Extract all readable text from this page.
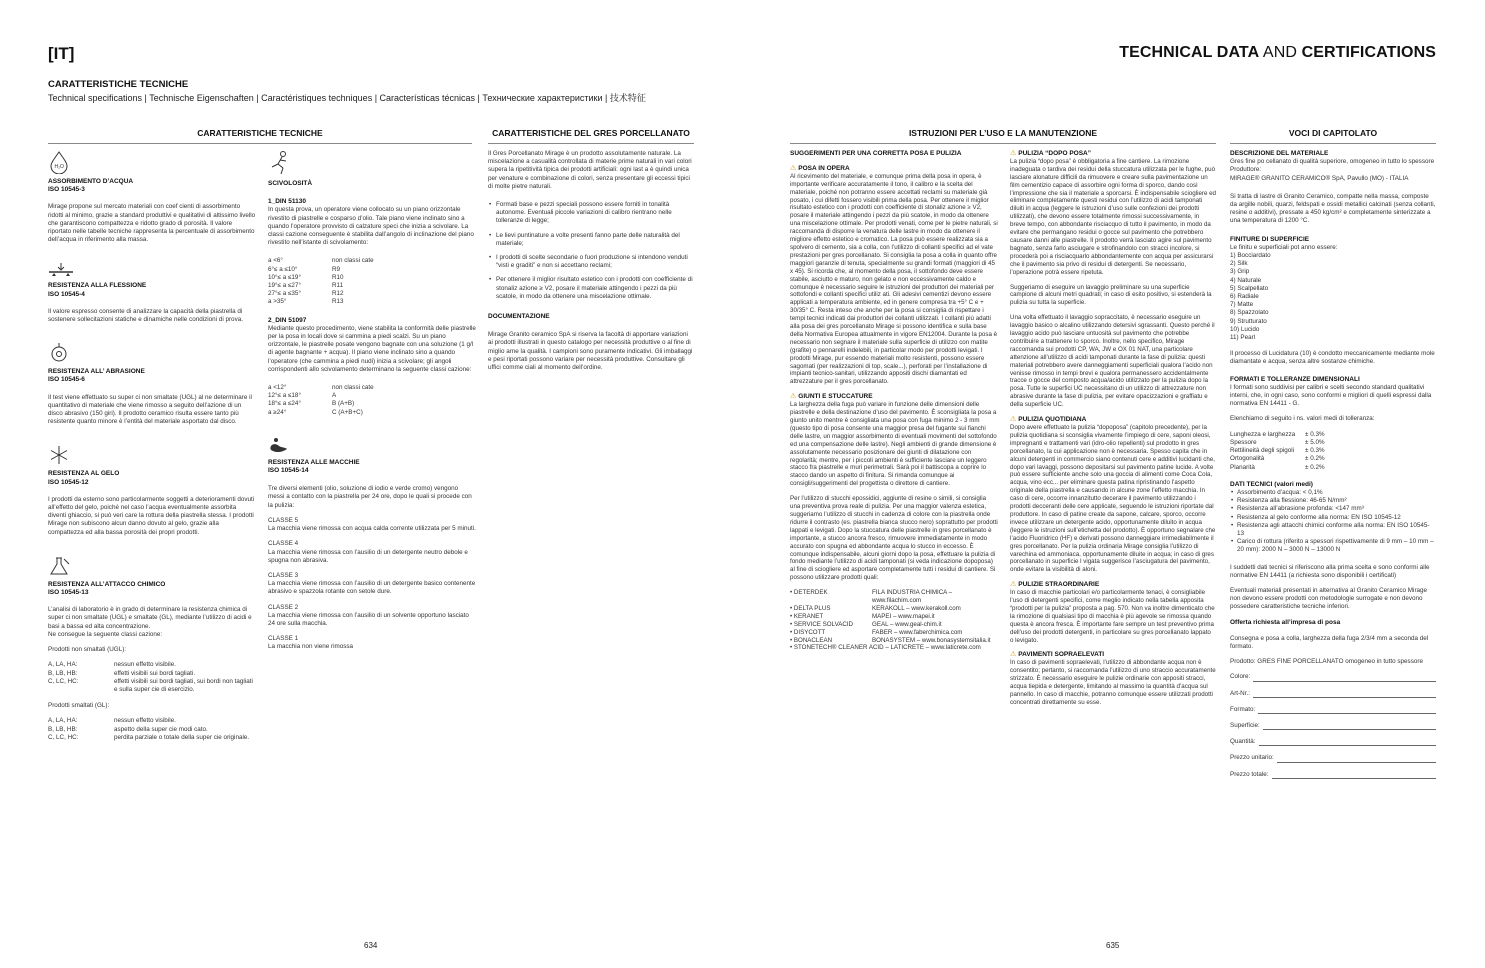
[IT]	TECHNICAL DATA AND CERTIFICATIONS
CARATTERISTICHE TECNICHE
Technical specifications | Technische Eigenschaften | Caractéristiques techniques | Características técnicas | Технические характеристики | 技术特征
CARATTERISTICHE TECNICHE	CARATTERISTICHE DEL GRES PORCELLANATO	ISTRUZIONI PER L’USO E LA MANUTENZIONE	VOCI DI CAPITOLATO
H₂O
ASSORBIMENTO D’ACQUA
ISO 10545-3

Mirage propone sul mercato materiali con coef cienti di assorbimento ridotti al minimo, grazie a standard produttivi e qualitativi di altissimo livello che garantiscono compattezza e ridotto grado di porosità. Il valore riportato nelle tabelle tecniche rappresenta la percentuale di assorbimento dell’acqua in riferimento alla massa.

RESISTENZA ALLA FLESSIONE
ISO 10545-4

Il valore espresso consente di analizzare la capacità della piastrella di sostenere sollecitazioni statiche e dinamiche nelle condizioni di prova.

RESISTENZA ALL’ ABRASIONE
ISO 10545-6

Il test viene effettuato su super ci non smaltate (UGL) al ne determinare il quantitativo di materiale che viene rimosso a seguito dell’azione di un disco abrasivo (150 giri). Il prodotto ceramico risulta essere tanto più resistente quanto minore è l’entità del materiale asportato dal disco.

RESISTENZA AL GELO
ISO 10545-12

I prodotti da esterno sono particolarmente soggetti a deterioramenti dovuti all’effetto del gelo, poiché nel caso l’acqua eventualmente assorbita diventi ghiaccio, si può veri care la rottura della piastrella stessa. I prodotti Mirage non subiscono alcun danno dovuto al gelo, grazie alla compattezza ed alla bassa porosità dei propri prodotti.

RESISTENZA ALL’ATTACCO CHIMICO
ISO 10545-13

L’analisi di laboratorio è in grado di determinare la resistenza chimica di super ci non smaltate (UGL) e smaltate (GL), mediante l’utilizzo di acidi e basi a bassa ed alta concentrazione.

Ne consegue la seguente classi cazione:

Prodotti non smaltati (UGL):

A, LA, HA:	nessun effetto visibile.
B, LB, HB:	effetti visibili sui bordi tagliati.
C, LC, HC:	effetti visibili sui bordi tagliati, sui bordi non tagliati e sulla super cie di esercizio.

Prodotti smaltati (GL):

A, LA, HA:	nessun effetto visibile.
B, LB, HB:	aspetto della super cie modi cato.
C, LC, HC:	perdita parziale o totale della super cie originale.
SCIVOLOSITÀ
1_DIN 51130

In questa prova, un operatore viene collocato su un piano orizzontale rivestito di piastrelle e cosparso d’olio. Tale piano viene inclinato sino a quando l’operatore provvisto di calzature speci che inizia a scivolare. La classi cazione conseguente è stabilita dall’angolo di inclinazione del piano rivestito nell’istante di scivolamento:

a <6°	non classi cate
6°≤ a ≤10°	R9
10°≤ a ≤19°	R10
19°≤ a ≤27°	R11
27°≤ a ≤35°	R12
a >35°	R13
2_DIN 51097

Mediante questo procedimento, viene stabilita la conformità delle piastrelle per la posa in locali dove si cammina a piedi scalzi. Su un piano orizzontale, le piastrelle posate vengono bagnate con una soluzione (1 g/l di agente bagnante + acqua). Il piano viene inclinato sino a quando l’operatore (che cammina a piedi nudi) inizia a scivolare; gli angoli corrispondenti allo scivolamento determinano la seguente classi cazione:

a <12°	non classi cate
12°≤ a ≤18°	A
18°≤ a ≤24°	B (A+B)
a ≥24°	C (A+B+C)
RESISTENZA ALLE MACCHIE
ISO 10545-14

Tre diversi elementi (olio, soluzione di iodio e verde cromo) vengono messi a contatto con la piastrella per 24 ore, dopo le quali si procede con la pulizia:

CLASSE 5
La macchia viene rimossa con acqua calda corrente utilizzata per 5 minuti.

CLASSE 4
La macchia viene rimossa con l’ausilio di un detergente neutro debole e spugna non abrasiva.

CLASSE 3
La macchia viene rimossa con l’ausilio di un detergente basico contenente abrasivo e spazzola rotante con setole dure.

CLASSE 2
La macchia viene rimossa con l’ausilio di un solvente opportuno lasciato 24 ore sulla macchia.

CLASSE 1
La macchia non viene rimossa

Il Gres Porcellanato Mirage è un prodotto assolutamente naturale. La miscelazione a casualità controllata di materie prime naturali in vari colori supera la ripetitività tipica dei prodotti artificiali: ogni last a è quindi unica per venature e combinazione di colori, senza presentare gli eccessi tipici di molte pietre naturali.

• Formati base e pezzi speciali possono essere forniti in tonalità autonome. Eventuali piccole variazioni di calibro rientrano nelle tolleranze di legge;
• Le lievi puntinature a volte presenti fanno parte delle naturalità del materiale;
• I prodotti di scelte secondarie o fuori produzione si intendono venduti “visti e graditi” e non si accettano reclami;
• Per ottenere il miglior risultato estetico con i prodotti con coefficiente di stonaliz azione ≥ V2, posare il materiale attingendo i pezzi da più scatole, in modo da ottenere una miscelazione ottimale.
DOCUMENTAZIONE

Mirage Granito ceramico SpA si riserva la facoltà di apportare variazioni ai prodotti illustrati in questo catalogo per necessità produttive o al fine di miglio arne la qualità. I campioni sono puramente indicativi. Gli imballaggi e pesi riportati possono variare per necessità produttive. Consultare gli uffici comme ciali al momento dell’ordine.

SUGGERIMENTI PER UNA CORRETTA POSA E PULIZIA
⚠ POSA IN OPERA

Al ricevimento del materiale, e comunque prima della posa in opera, è importante verificare accuratamente il tono, il calibro e la scelta del materiale, poiché non potranno essere accettati reclami su materiale già posato, i cui difetti fossero visibili prima della posa. Per ottenere il miglior risultato estetico con i prodotti con coefficiente di stonaliz azione ≥ V2, posare il materiale attingendo i pezzi da più scatole, in modo da ottenere una miscelazione ottimale. Per prodotti venati, come per le pietre naturali, si raccomanda di disporre la venatura delle lastre in modo da ottenere il migliore effetto estetico e cromatico. La posa può essere realizzata sia a spolvero di cemento, sia a colla, con l’utilizzo di collanti specifici ad el vate prestazioni per gres porcellanato. Si consiglia la posa a colla in quanto offre maggiori garanzie di tenuta, specialmente su grandi formati (maggiori di 45 x 45). Si ricorda che, al momento della posa, il sottofondo deve essere stabile, asciutto e maturo, non gelato e non eccessivamente caldo e comunque è necessario seguire le istruzioni dei produttori dei materiali per sottofondi e collanti specifici utiliz ati. Gli adesivi cementizi devono essere applicati a temperatura ambiente, ed in genere compresa tra +5° C e + 30/35° C. Resta inteso che anche per la posa si consiglia di rispettare i tempi tecnici indicati dai produttori dei collanti utilizzati. I collanti più adatti alla posa dei gres porcellanato Mirage si possono identifica e sulla base della Normativa Europea attualmente in vigore EN12004. Durante la posa è necessario non segnare il materiale sulla superficie di utilizzo con matite (grafite) o pennarelli indelebili, in particolar modo per prodotti levigati. I prodotti Mirage, pur essendo materiali molto resistenti, possono essere sagomati (per realizzazioni di top, scale...), perforati per l’installazione di impianti tecnico-sanitari, utilizzando appositi dischi diamantati ed attrezzature per il gres porcellanato.

⚠ GIUNTI E STUCCATURE

La larghezza della fuga può variare in funzione delle dimensioni delle piastrelle e della destinazione d’uso del pavimento. È sconsigliata la posa a giunto unito mentre è consigliata una posa con fuga minimo 2 - 3 mm (questo tipo di posa consente una maggior presa del fugante sui fianchi delle lastre, un maggior assorbimento di eventuali movimenti del sottofondo ed una compensazione delle lastre). Negli ambienti di grande dimensione è assolutamente necessario posizionare dei giunti di dilatazione con regolarità; mentre, per i piccoli ambienti è sufficiente lasciare un leggero stacco fra piastrelle e muri perimetrali. Sarà poi il battiscopa a coprire lo stacco dando un aspetto di finitura. Si rimanda comunque ai consigli/suggerimenti del progettista o direttore di cantiere.

Per l’utilizzo di stucchi epossidici, aggiunte di resine o simili, si consiglia una preventiva prova reale di pulizia. Per una maggior valenza estetica, suggeriamo l’utilizzo di stucchi in cadenza di colore con la piastrella onde ridurre il contrasto (es. piastrella bianca stucco nero) soprattutto per prodotti lappati e levigati. Dopo la stuccatura delle piastrelle in gres porcellanato è importante, a stucco ancora fresco, rimuovere immediatamente in modo accurato con spugna ed abbondante acqua lo stucco in eccesso. È comunque indispensabile, alcuni giorni dopo la posa, effettuare la pulizia di fondo mediante l’utilizzo di acidi tamponati (si veda indicazione dopoposa) al fine di sciogliere ed asportare completamente tutti i residui di cantiere. Si possono utilizzare prodotti quali:

• DETERDEK	FILA INDUSTRIA CHIMICA – www.filachim.com
• DELTA PLUS	KERAKOLL – www.kerakoll.com
• KERANET	MAPEI – www.mapei.it
• SERVICE SOLVACID	GEAL – www.geal-chim.it
• DISYCOTT	FABER – www.faberchimica.com
• BONACLEAN	BONASYSTEM – www.bonasystemsitalia.it
• STONETECH® CLEANER ACID – LATICRETE – www.laticrete.com
⚠ PULIZIA “DOPO POSA”

La pulizia “dopo posa” è obbligatoria a fine cantiere. La rimozione inadeguata o tardiva dei residui della stuccatura utilizzata per le fughe, può lasciare alonature difficili da rimuovere e creare sulla pavimentazione un film cementizio capace di assorbire ogni forma di sporco, dando così l’impressione che sia il materiale a sporcarsi. È indispensabile sciogliere ed eliminare completamente questi residui con l’utilizzo di acidi tamponati diluiti in acqua (leggere le istruzioni d’uso sulle confezioni dei prodotti utilizzati), che devono essere totalmente rimossi successivamente, in breve tempo, con abbondante risciacquo di tutto il pavimento, in modo da evitare che permangano residui o gocce sul pavimento che potrebbero causare danni alle piastrelle. Il prodotto verrà lasciato agire sul pavimento bagnato, senza farlo asciugare e strofinandolo con stracci incolore, si procederà poi a risciacquarlo abbondantemente con acqua per assicurarsi che il pavimento sia privo di residui di detergenti. Se necessario, l’operazione potrà essere ripetuta.

Suggeriamo di eseguire un lavaggio preliminare su una superficie campione di alcuni metri quadrati; in caso di esito positivo, si estenderà la pulizia su tutta la superficie.

Una volta effettuato il lavaggio sopraccitato, è necessario eseguire un lavaggio basico o alcalino utilizzando detersivi sgrassanti. Questo perché il lavaggio acido può lasciare untuosità sul pavimento che potrebbe contribuire a trattenere lo sporco. Inoltre, nello specifico, Mirage raccomanda sui prodotti CP, WA, JW e OX 01 NAT, una particolare attenzione all’utilizzo di acidi tamponati durante la fase di pulizia: questi materiali potrebbero avere danneggiamenti superficiali qualora l’acido non venisse rimosso in tempi brevi e qualora permanessero accidentalmente tracce o gocce del composto acqua/acido utilizzato per la pulizia dopo la posa. Tutte le superfici UC necessitano di un utilizzo di attrezzature non abrasive durante la fase di pulizia, per evitare opacizzazioni e graffiatu e della superficie UC.

⚠ PULIZIA QUOTIDIANA

Dopo avere effettuato la pulizia “dopoposa” (capitolo precedente), per la pulizia quotidiana si sconsiglia vivamente l’impiego di cere, saponi oleosi, impregnanti e trattamenti vari (idro-olio repellenti) sul prodotto in gres porcellanato, la cui applicazione non è necessaria. Spesso capita che in alcuni detergenti in commercio siano contenuti cere e additivi lucidanti che, dopo vari lavaggi, possono depositarsi sul pavimento patine lucide. A volte può essere sufficiente anche solo una goccia di alimenti come Coca Cola, acqua, vino ecc... per eliminare questa patina ripristinando l’aspetto originale della piastrella e causando in alcune zone l’effetto macchia. In caso di cere, occorre innanzitutto decerare il pavimento utilizzando i prodotti decceranti delle cere applicate, seguendo le istruzioni riportate dal produttore. In caso di patine create da sapone, calcare, sporco, occorre invece utilizzare un detergente acido, opportunamente diluito in acqua (leggere le istruzioni sull’etichetta del prodotto). È opportuno segnalare che l’acido Fluoridrico (HF) e derivati possono danneggiare irrimediabilmente il gres porcellanato. Per la pulizia ordinaria Mirage consiglia l’utilizzo di varechina ed ammoniaca, opportunamente diluite in acqua; in caso di gres porcellanato in superficie l vigata suggerisce l’asciugatura del pavimento, onde evitare la visibilità di aloni.

⚠ PULIZIE STRAORDINARIE

In caso di macchie particolari e/o particolarmente tenaci, è consigliabile l’uso di detergenti specifici, come meglio indicato nella tabella apposita “prodotti per la pulizia” proposta a pag. 570. Non va inoltre dimenticato che la rimozione di qualsiasi tipo di macchia è più agevole se rimossa quando questa è ancora fresca. È importante fare sempre un test preventivo prima dell’uso dei prodotti detergenti, in particolare su gres porcellanato lappato o levigato.

⚠ PAVIMENTI SOPRAELEVATI

In caso di pavimenti sopraelevati, l’utilizzo di abbondante acqua non è consentito; pertanto, si raccomanda l’utilizzo di uno straccio accuratamente strizzato. È necessario eseguire le pulizie ordinarie con appositi stracci, acqua tiepida e detergente, limitando al massimo la quantità d’acqua sul pannello. In caso di macchie, potranno comunque essere utilizzati prodotti concentrati direttamente su esse.

DESCRIZIONE DEL MATERIALE

Gres fine po cellanato di qualità superiore, omogeneo in tutto lo spessore

Produttore:

MIRAGE® GRANITO CERAMICO® SpA, Pavullo (MO) - ITALIA

Si tratta di lastre di Granito Ceramico, compatte nella massa, composte da argille nobili, quarzi, feldspati e ossidi metallici calcinati (senza collanti, resine o additivi), pressate a 450 kg/cm² e completamente sinterizzate a una temperatura di 1200 °C.

FINITURE DI SUPERFICIE
Le finitu e superficiali pot anno essere:
1) Bocciardato
2) Silk
3) Grip
4) Naturale
5) Scalpellato
6) Radiale
7) Matte
8) Spazzolato
9) Strutturato
10) Lucido
11) Pearl

Il processo di Lucidatura (10) è condotto meccanicamente mediante mole diamantate e acqua, senza altre sostanze chimiche.

FORMATI E TOLLERANZE DIMENSIONALI

I formati sono suddivisi per calibri e scelti secondo standard qualitativi interni, che, in ogni caso, sono conformi e migliori di quelli espressi dalla normativa EN 14411 - G.

Elenchiamo di seguito i ns. valori medi di tolleranza:

Lunghezza e larghezza	± 0.3%
Spessore	± 5.0%
Rettilineità degli spigoli	± 0.3%
Ortogonalità	± 0.2%
Planarità	± 0.2%
DATI TECNICI (valori medi)
• Assorbimento d’acqua: < 0,1%
• Resistenza alla flessione: 46-65 N/mm²
• Resistenza all’abrasione profonda: <147 mm³
• Resistenza al gelo conforme alla norma: EN ISO 10545-12
• Resistenza agli attacchi chimici conforme alla norma: EN ISO 10545-13
• Carico di rottura (riferito a spessori rispettivamente di 9 mm – 10 mm – 20 mm): 2000 N – 3000 N – 13000 N

I suddetti dati tecnici si riferiscono alla prima scelta e sono conformi alle normative EN 14411 (a richiesta sono disponibili i certificati)

Eventuali materiali presentati in alternativa al Granito Ceramico Mirage non devono essere prodotti con metodologie surrogate e non devono possedere caratteristiche tecniche inferiori.

Offerta richiesta all’impresa di posa

Consegna e posa a colla, larghezza della fuga 2/3/4 mm a seconda del formato.

Prodotto: GRES FINE PORCELLANATO omogeneo in tutto spessore

Colore:
Art-Nr.:
Formato:
Superficie:
Quantità:
Prezzo unitario:
Prezzo totale:
634	635
